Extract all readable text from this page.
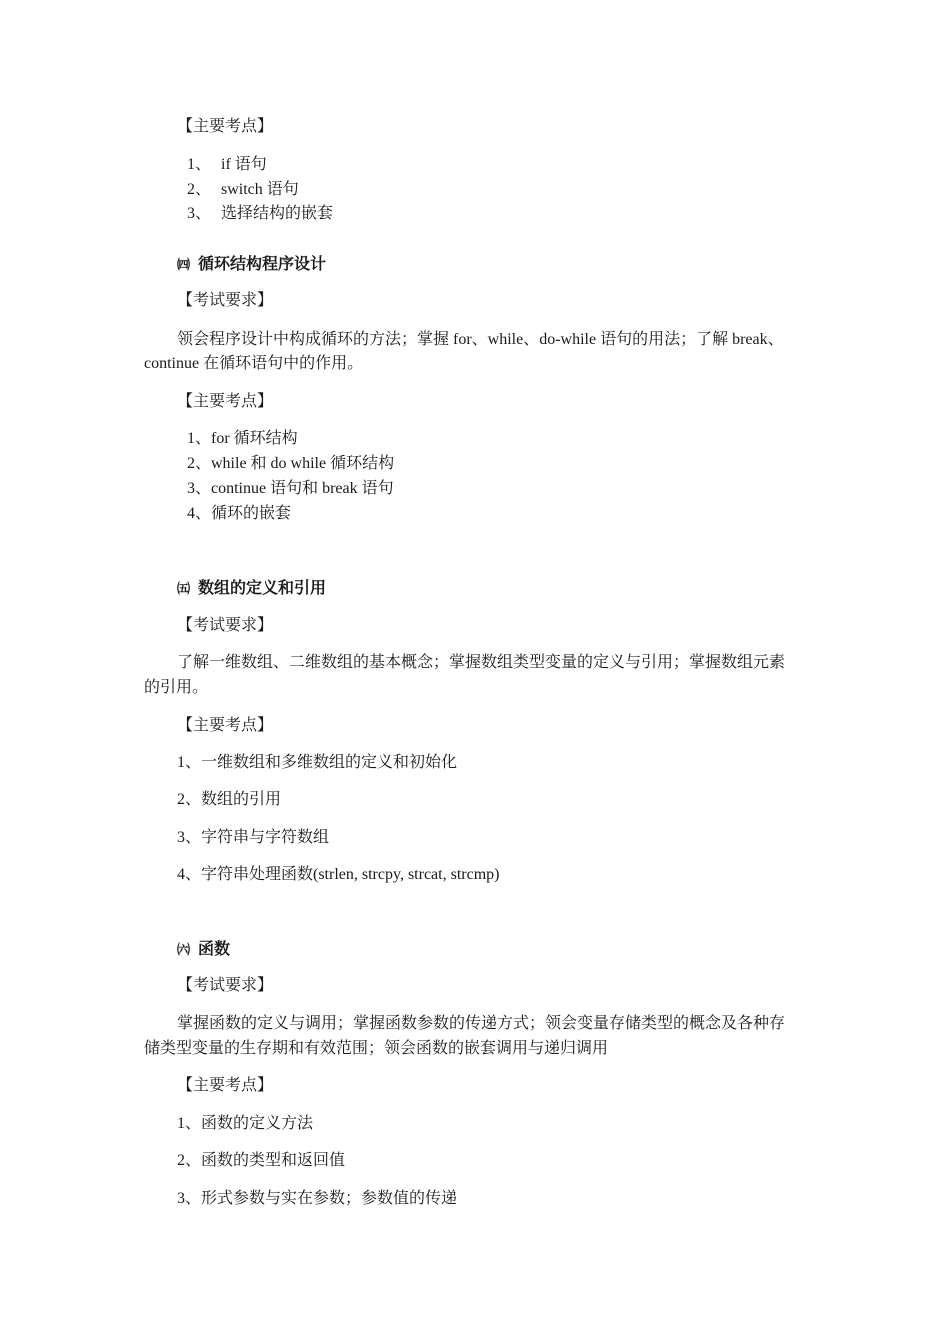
【主要考点】
1、 if 语句
2、 switch 语句
3、 选择结构的嵌套
㈣ 循环结构程序设计
【考试要求】
领会程序设计中构成循环的方法；掌握 for、while、do-while 语句的用法；了解 break、
continue 在循环语句中的作用。
【主要考点】
1、for 循环结构
2、while 和 do while 循环结构
3、continue 语句和 break 语句
4、循环的嵌套
㈤ 数组的定义和引用
【考试要求】
了解一维数组、二维数组的基本概念；掌握数组类型变量的定义与引用；掌握数组元素
的引用。
【主要考点】
1、一维数组和多维数组的定义和初始化
2、数组的引用
3、字符串与字符数组
4、字符串处理函数(strlen, strcpy, strcat, strcmp)
㈥ 函数
【考试要求】
掌握函数的定义与调用；掌握函数参数的传递方式；领会变量存储类型的概念及各种存
储类型变量的生存期和有效范围；领会函数的嵌套调用与递归调用
【主要考点】
1、函数的定义方法
2、函数的类型和返回值
3、形式参数与实在参数；参数值的传递
